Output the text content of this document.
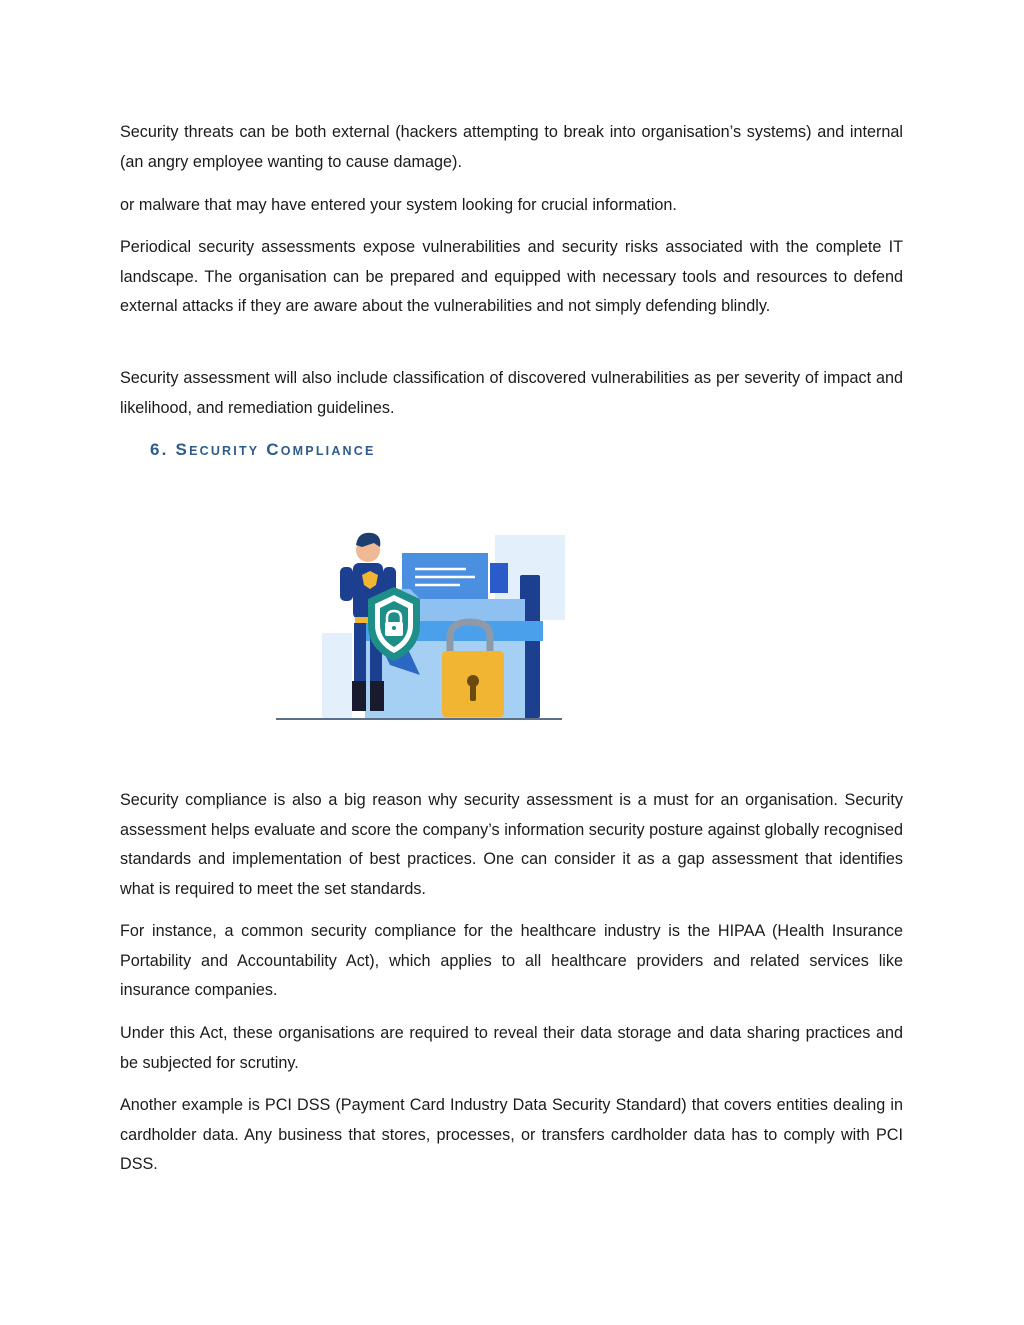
Security threats can be both external (hackers attempting to break into organisation’s systems) and internal (an angry employee wanting to cause damage).

or malware that may have entered your system looking for crucial information.

Periodical security assessments expose vulnerabilities and security risks associated with the complete IT landscape. The organisation can be prepared and equipped with necessary tools and resources to defend external attacks if they are aware about the vulnerabilities and not simply defending blindly.

Security assessment will also include classification of discovered vulnerabilities as per severity of impact and likelihood, and remediation guidelines.

6. SECURITY COMPLIANCE

Security compliance is also a big reason why security assessment is a must for an organisation. Security assessment helps evaluate and score the company’s information security posture against globally recognised standards and implementation of best practices. One can consider it as a gap assessment that identifies what is required to meet the set standards.

For instance, a common security compliance for the healthcare industry is the HIPAA (Health Insurance Portability and Accountability Act), which applies to all healthcare providers and related services like insurance companies.

Under this Act, these organisations are required to reveal their data storage and data sharing practices and be subjected for scrutiny.

Another example is PCI DSS (Payment Card Industry Data Security Standard) that covers entities dealing in cardholder data. Any business that stores, processes, or transfers cardholder data has to comply with PCI DSS.
